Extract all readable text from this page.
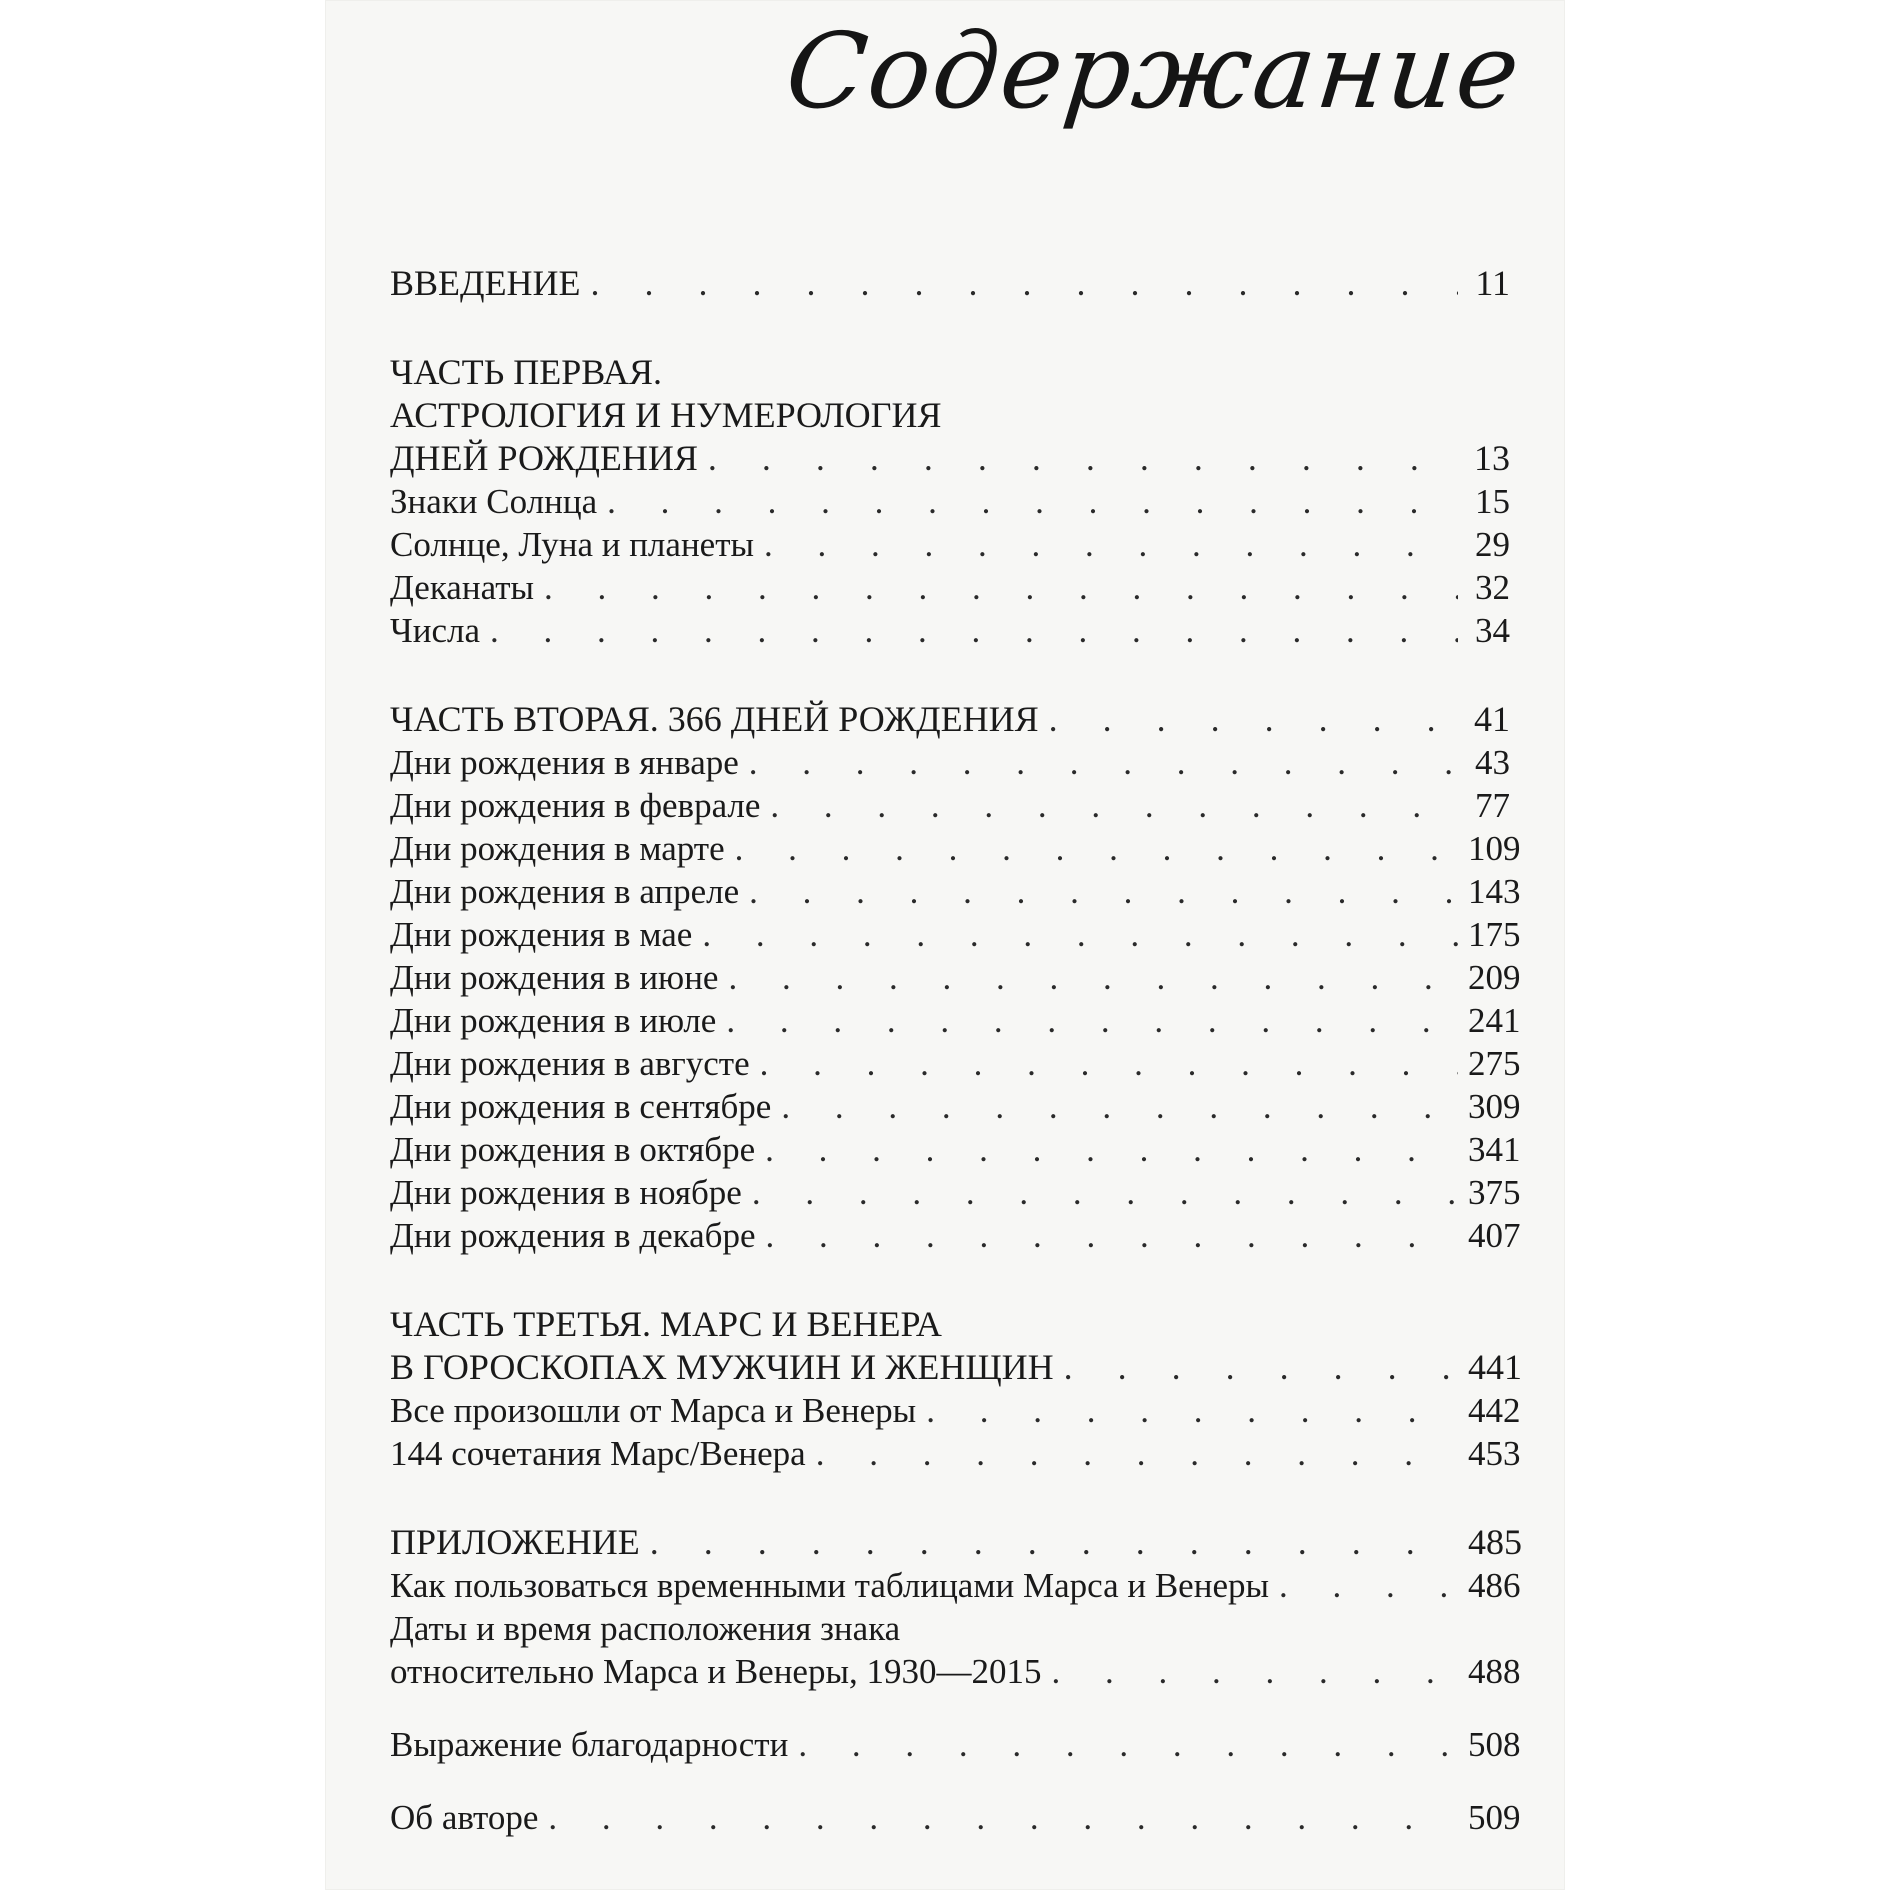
Содержание
ВВЕДЕНИЕ . . .	11
ЧАСТЬ ПЕРВАЯ.
АСТРОЛОГИЯ И НУМЕРОЛОГИЯ
ДНЕЙ РОЖДЕНИЯ . . .	13
Знаки Солнца . . .	15
Солнце, Луна и планеты . . .	29
Деканаты . . .	32
Числа . . .	34
ЧАСТЬ ВТОРАЯ. 366 ДНЕЙ РОЖДЕНИЯ . . .	41
Дни рождения в январе . . .	43
Дни рождения в феврале . . .	77
Дни рождения в марте . . .	109
Дни рождения в апреле . . .	143
Дни рождения в мае . . .	175
Дни рождения в июне . . .	209
Дни рождения в июле . . .	241
Дни рождения в августе . . .	275
Дни рождения в сентябре . . .	309
Дни рождения в октябре . . .	341
Дни рождения в ноябре . . .	375
Дни рождения в декабре . . .	407
ЧАСТЬ ТРЕТЬЯ. МАРС И ВЕНЕРА
В ГОРОСКОПАХ МУЖЧИН И ЖЕНЩИН . . .	441
Все произошли от Марса и Венеры . . .	442
144 сочетания Марс/Венера . . .	453
ПРИЛОЖЕНИЕ . . .	485
Как пользоваться временными таблицами Марса и Венеры . . .	486
Даты и время расположения знака
относительно Марса и Венеры, 1930—2015 . . .	488
Выражение благодарности . . .	508
Об авторе . . .	509
